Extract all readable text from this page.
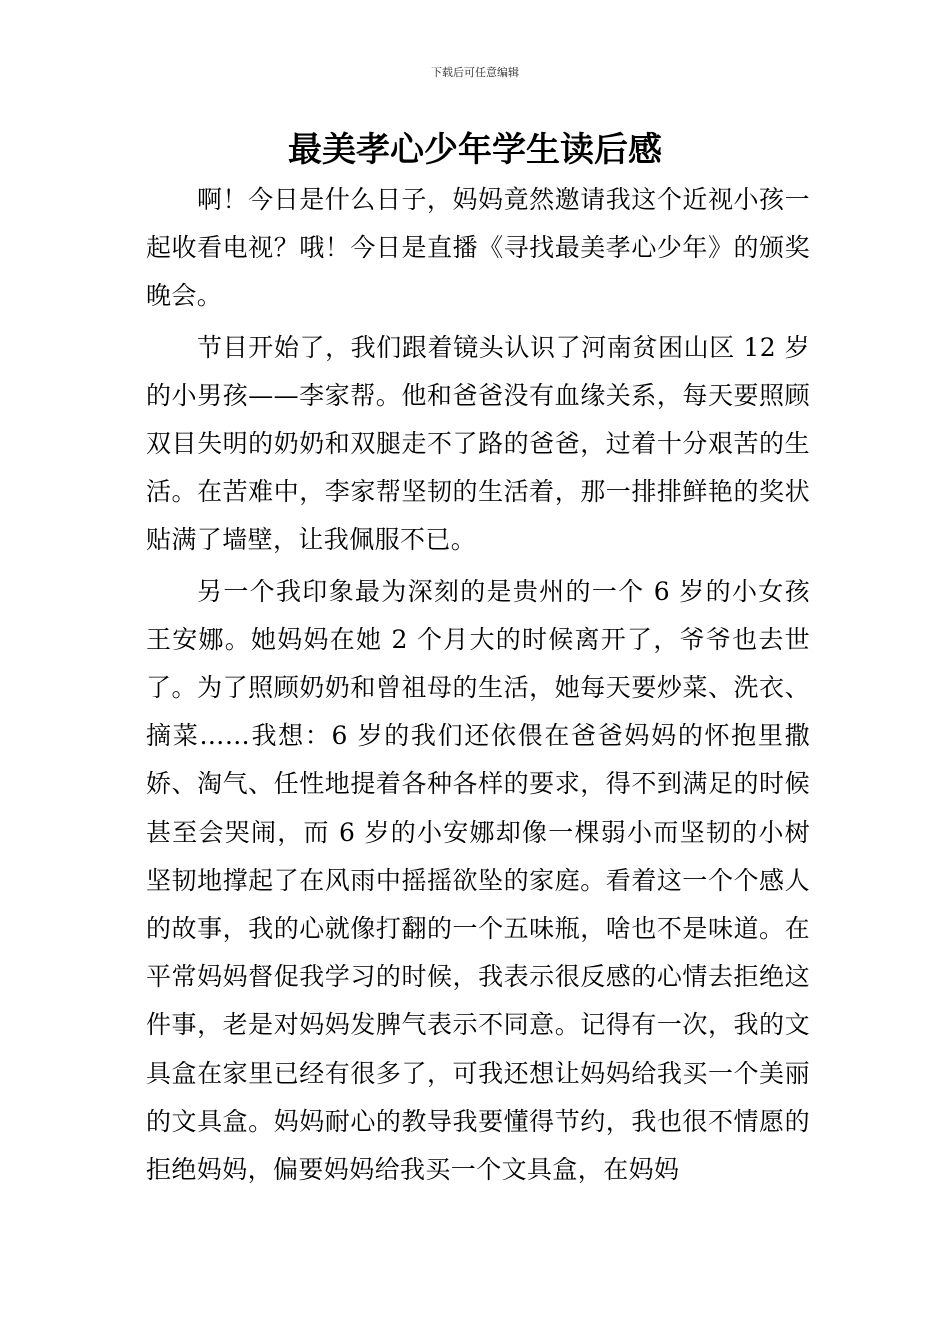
下载后可任意编辑
最美孝心少年学生读后感

啊！今日是什么日子，妈妈竟然邀请我这个近视小孩一起收看电视？哦！今日是直播《寻找最美孝心少年》的颁奖晚会。

节目开始了，我们跟着镜头认识了河南贫困山区 12 岁的小男孩——李家帮。他和爸爸没有血缘关系，每天要照顾双目失明的奶奶和双腿走不了路的爸爸，过着十分艰苦的生活。在苦难中，李家帮坚韧的生活着，那一排排鲜艳的奖状贴满了墙壁，让我佩服不已。

另一个我印象最为深刻的是贵州的一个 6 岁的小女孩王安娜。她妈妈在她 2 个月大的时候离开了，爷爷也去世了。为了照顾奶奶和曾祖母的生活，她每天要炒菜、洗衣、摘菜……我想：6 岁的我们还依偎在爸爸妈妈的怀抱里撒娇、淘气、任性地提着各种各样的要求，得不到满足的时候甚至会哭闹，而 6 岁的小安娜却像一棵弱小而坚韧的小树坚韧地撑起了在风雨中摇摇欲坠的家庭。看着这一个个感人的故事，我的心就像打翻的一个五味瓶，啥也不是味道。在平常妈妈督促我学习的时候，我表示很反感的心情去拒绝这件事，老是对妈妈发脾气表示不同意。记得有一次，我的文具盒在家里已经有很多了，可我还想让妈妈给我买一个美丽的文具盒。妈妈耐心的教导我要懂得节约，我也很不情愿的拒绝妈妈，偏要妈妈给我买一个文具盒，在妈妈
